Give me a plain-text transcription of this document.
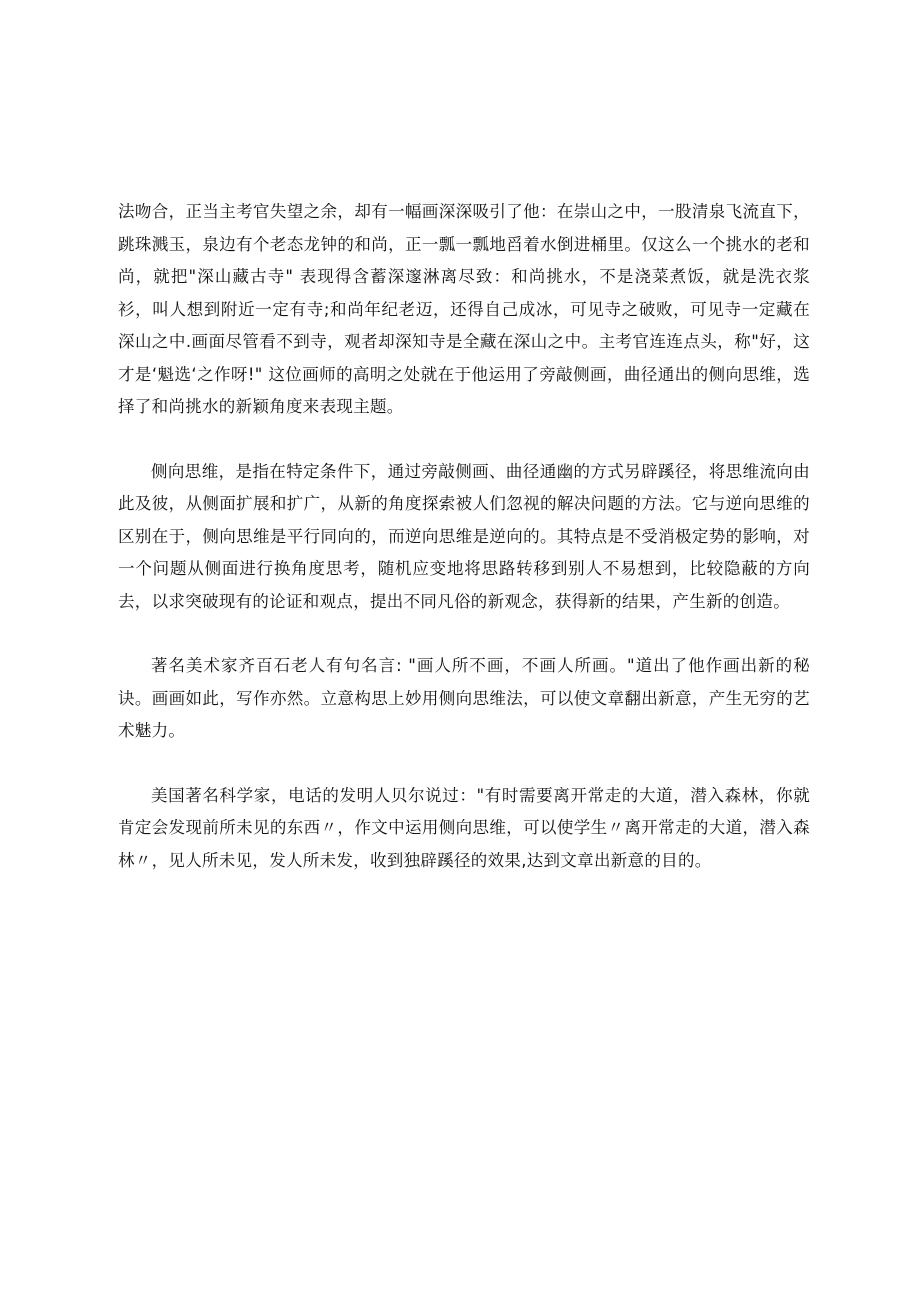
法吻合，正当主考官失望之余，却有一幅画深深吸引了他：在崇山之中，一股清泉飞流直下，跳珠溅玉，泉边有个老态龙钟的和尚，正一瓢一瓢地舀着水倒进桶里。仅这么一个挑水的老和尚，就把"深山藏古寺" 表现得含蓄深邃淋离尽致：和尚挑水，不是浇菜煮饭，就是洗衣浆衫，叫人想到附近一定有寺;和尚年纪老迈，还得自己成冰，可见寺之破败，可见寺一定藏在深山之中.画面尽管看不到寺，观者却深知寺是全藏在深山之中。主考官连连点头，称"好，这才是‘魁选‘之作呀!" 这位画师的高明之处就在于他运用了旁敲侧画，曲径通出的侧向思维，选择了和尚挑水的新颖角度来表现主题。

侧向思维，是指在特定条件下，通过旁敲侧画、曲径通幽的方式另辟蹊径，将思维流向由此及彼，从侧面扩展和扩广，从新的角度探索被人们忽视的解决问题的方法。它与逆向思维的区别在于，侧向思维是平行同向的，而逆向思维是逆向的。其特点是不受消极定势的影响，对一个问题从侧面进行换角度思考，随机应变地将思路转移到别人不易想到，比较隐蔽的方向去，以求突破现有的论证和观点，提出不同凡俗的新观念，获得新的结果，产生新的创造。

著名美术家齐百石老人有句名言: "画人所不画，不画人所画。"道出了他作画出新的秘诀。画画如此，写作亦然。立意构思上妙用侧向思维法，可以使文章翻出新意，产生无穷的艺术魅力。

美国著名科学家，电话的发明人贝尔说过："有时需要离开常走的大道，潜入森林，你就肯定会发现前所未见的东西〃，作文中运用侧向思维，可以使学生〃离开常走的大道，潜入森林〃，见人所未见，发人所未发，收到独辟蹊径的效果,达到文章出新意的目的。
